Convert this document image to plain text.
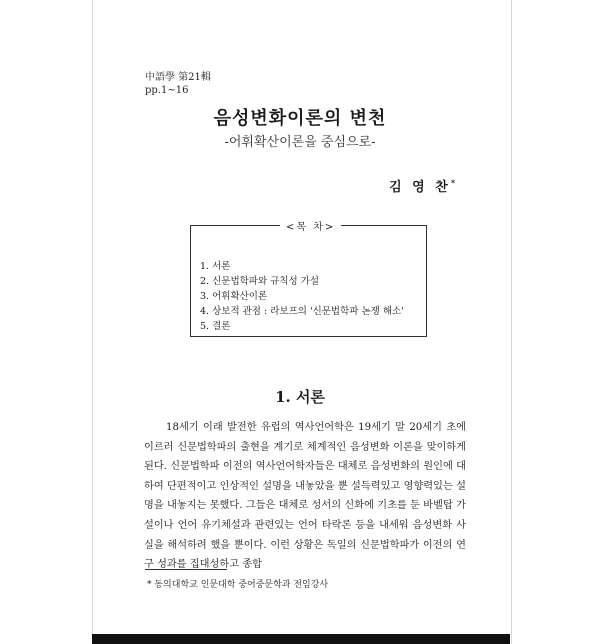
中語學 第21輯
pp.1~16
음성변화이론의 변천
-어휘확산이론을 중심으로-
김 영 찬*
<목 차>
1. 서론
2. 신문법학파와 규칙성 가설
3. 어휘확산이론
4. 상보적 관점 : 라보프의 '신문법학파 논쟁 해소'
5. 결론
1. 서론

18세기 이래 발전한 유럽의 역사언어학은 19세기 말 20세기 초에 이르러 신문법학파의 출현을 계기로 체계적인 음성변화 이론을 맞이하게 된다. 신문법학파 이전의 역사언어학자들은 대체로 음성변화의 원인에 대하여 단편적이고 인상적인 설명을 내놓았을 뿐 설득력있고 영향력있는 설명을 내놓지는 못했다. 그들은 대체로 성서의 신화에 기초를 둔 바벨탑 가설이나 언어 유기체설과 관련있는 언어 타락론 등을 내세워 음성변화 사실을 해석하려 했을 뿐이다. 이런 상황은 독일의 신문법학파가 이전의 연구 성과를 집대성하고 종합

* 동의대학교 인문대학 중어중문학과 전임강사
